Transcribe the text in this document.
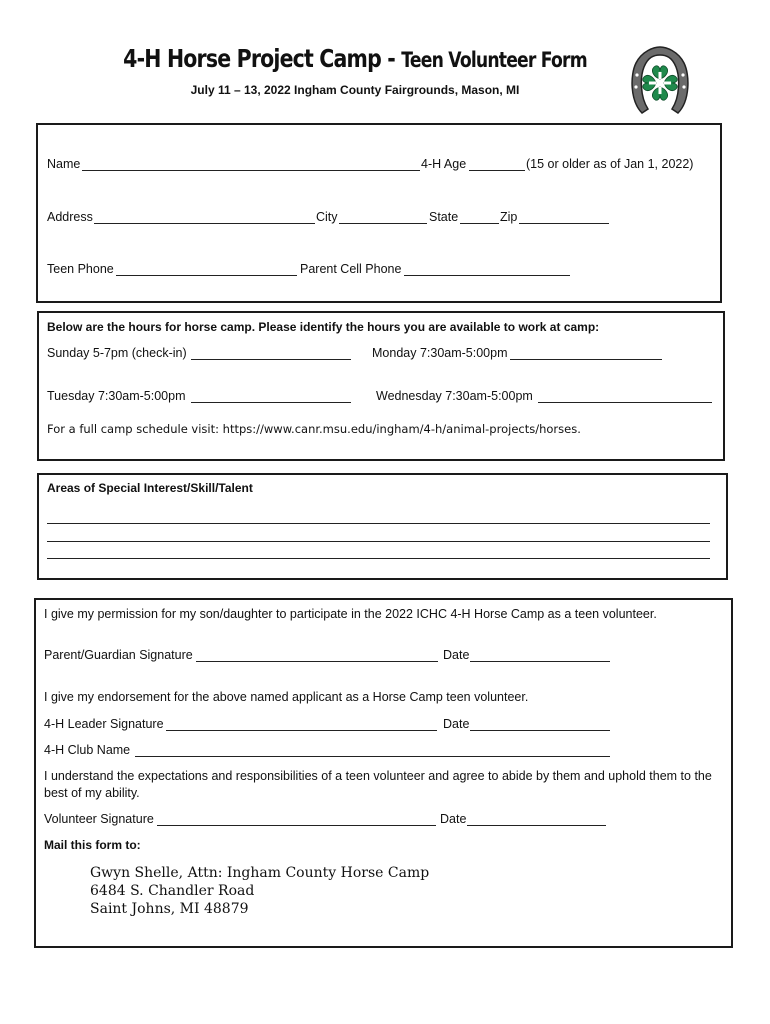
4-H Horse Project Camp - Teen Volunteer Form
July 11 – 13, 2022 Ingham County Fairgrounds, Mason, MI
Name	4-H Age	(15 or older as of Jan 1, 2022)
Address	City	State	Zip
Teen Phone	Parent Cell Phone
Below are the hours for horse camp. Please identify the hours you are available to work at camp:
Sunday 5-7pm (check-in)	Monday 7:30am-5:00pm
Tuesday 7:30am-5:00pm	Wednesday 7:30am-5:00pm
For a full camp schedule visit: https://www.canr.msu.edu/ingham/4-h/animal-projects/horses.
Areas of Special Interest/Skill/Talent
I give my permission for my son/daughter to participate in the 2022 ICHC 4-H Horse Camp as a teen volunteer.
Parent/Guardian Signature	Date
I give my endorsement for the above named applicant as a Horse Camp teen volunteer.
4-H Leader Signature	Date
4-H Club Name
I understand the expectations and responsibilities of a teen volunteer and agree to abide by them and uphold them to the
best of my ability.
Volunteer Signature	Date
Mail this form to:
Gwyn Shelle, Attn: Ingham County Horse Camp
6484 S. Chandler Road
Saint Johns, MI 48879
